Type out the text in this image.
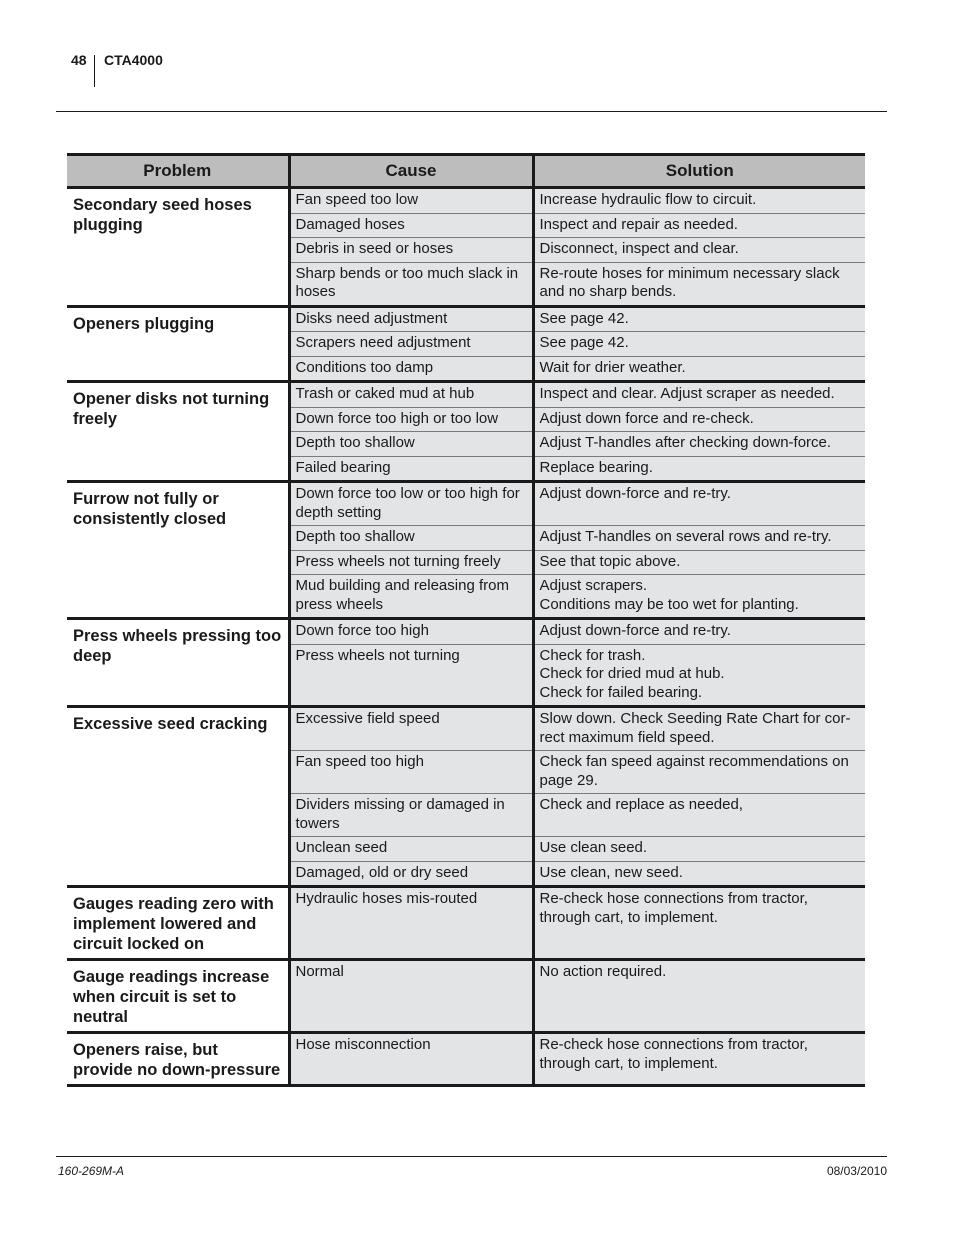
48 CTA4000
Problem	Cause	Solution
Secondary seed hoses plugging	Fan speed too low	Increase hydraulic flow to circuit.
	Damaged hoses	Inspect and repair as needed.
	Debris in seed or hoses	Disconnect, inspect and clear.
	Sharp bends or too much slack in hoses	Re-route hoses for minimum necessary slack and no sharp bends.
Openers plugging	Disks need adjustment	See page 42.
	Scrapers need adjustment	See page 42.
	Conditions too damp	Wait for drier weather.
Opener disks not turning freely	Trash or caked mud at hub	Inspect and clear. Adjust scraper as needed.
	Down force too high or too low	Adjust down force and re-check.
	Depth too shallow	Adjust T-handles after checking down-force.
	Failed bearing	Replace bearing.
Furrow not fully or consistently closed	Down force too low or too high for depth setting	Adjust down-force and re-try.
	Depth too shallow	Adjust T-handles on several rows and re-try.
	Press wheels not turning freely	See that topic above.
	Mud building and releasing from press wheels	Adjust scrapers.
Conditions may be too wet for planting.
Press wheels pressing too deep	Down force too high	Adjust down-force and re-try.
	Press wheels not turning	Check for trash.
Check for dried mud at hub.
Check for failed bearing.
Excessive seed cracking	Excessive field speed	Slow down. Check Seeding Rate Chart for cor-rect maximum field speed.
	Fan speed too high	Check fan speed against recommendations on page 29.
	Dividers missing or damaged in towers	Check and replace as needed,
	Unclean seed	Use clean seed.
	Damaged, old or dry seed	Use clean, new seed.
Gauges reading zero with implement lowered and circuit locked on	Hydraulic hoses mis-routed	Re-check hose connections from tractor, through cart, to implement.
Gauge readings increase when circuit is set to neutral	Normal	No action required.
Openers raise, but provide no down-pressure	Hose misconnection	Re-check hose connections from tractor, through cart, to implement.
160-269M-A	08/03/2010
